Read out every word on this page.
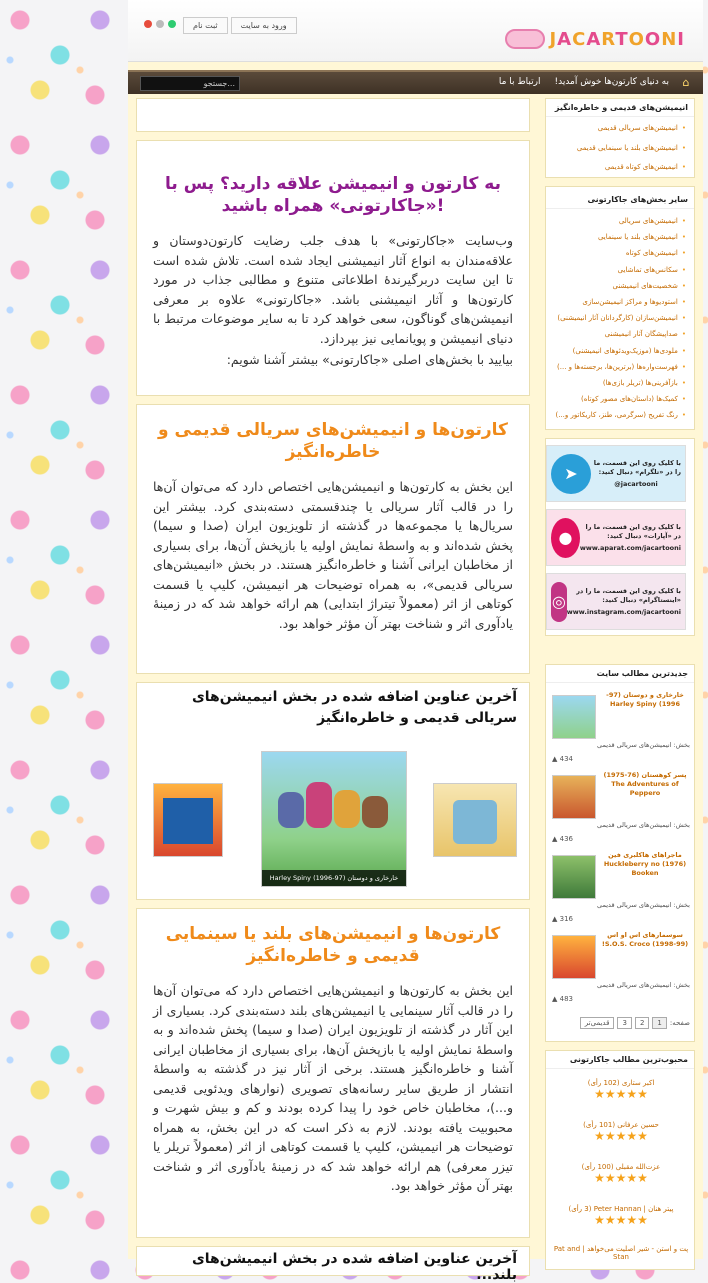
ثبت نام	ورود به سایت
JACARTOONI
⌂
به دنیای کارتون‌ها خوش آمدید!
ارتباط با ما
جستجو...
به کارتون و انیمیشن علاقه دارید؟ پس با «جاکارتونی» همراه باشید!
وب‌سایت «جاکارتونی» با هدف جلب رضایت کارتون‌دوستان و علاقه‌مندان به انواع آثار انیمیشنی ایجاد شده است. تلاش شده است تا این سایت دربرگیرندهٔ اطلاعاتی متنوع و مطالبی جذاب در مورد کارتون‌ها و آثار انیمیشنی باشد. «جاکارتونی» علاوه بر معرفی انیمیشن‌های گوناگون، سعی خواهد کرد تا به سایر موضوعات مرتبط با دنیای انیمیشن و پویانمایی نیز بپردازد.
بیایید با بخش‌های اصلی «جاکارتونی» بیشتر آشنا شویم:
کارتون‌ها و انیمیشن‌های سریالی قدیمی و خاطره‌انگیز
این بخش به کارتون‌ها و انیمیشن‌هایی اختصاص دارد که می‌توان آن‌ها را در قالب آثار سریالی یا چندقسمتی دسته‌بندی کرد. بیشتر این سریال‌ها یا مجموعه‌ها در گذشته از تلویزیون ایران (صدا و سیما) پخش شده‌اند و به واسطهٔ نمایش اولیه یا بازپخش آن‌ها، برای بسیاری از مخاطبان ایرانی آشنا و خاطره‌انگیز هستند. در بخش «انیمیشن‌های سریالی قدیمی»، به همراه توضیحات هر انیمیشن، کلیپ یا قسمت کوتاهی از اثر (معمولاً تیتراژ ابتدایی) هم ارائه خواهد شد که در زمینهٔ یادآوری اثر و شناخت بهتر آن مؤثر خواهد بود.
آخرین عناوین اضافه شده در بخش انیمیشن‌های سریالی قدیمی و خاطره‌انگیز
خارخاری و دوستان (97-1996) Harley Spiny
کارتون‌ها و انیمیشن‌های بلند یا سینمایی قدیمی و خاطره‌انگیز
این بخش به کارتون‌ها و انیمیشن‌هایی اختصاص دارد که می‌توان آن‌ها را در قالب آثار سینمایی یا انیمیشن‌های بلند دسته‌بندی کرد. بسیاری از این آثار در گذشته از تلویزیون ایران (صدا و سیما) پخش شده‌اند و به واسطهٔ نمایش اولیه یا بازپخش آن‌ها، برای بسیاری از مخاطبان ایرانی آشنا و خاطره‌انگیز هستند. برخی از آثار نیز در گذشته به واسطهٔ انتشار از طریق سایر رسانه‌های تصویری (نوارهای ویدئویی قدیمی و...)، مخاطبان خاص خود را پیدا کرده بودند و کم و بیش شهرت و محبوبیت یافته بودند. لازم به ذکر است که در این بخش، به همراه توضیحات هر انیمیشن، کلیپ یا قسمت کوتاهی از اثر (معمولاً تریلر یا تیزر معرفی) هم ارائه خواهد شد که در زمینهٔ یادآوری اثر و شناخت بهتر آن مؤثر خواهد بود.
آخرین عناوین اضافه شده در بخش انیمیشن‌های بلند...
انیمیشن‌های قدیمی و خاطره‌انگیز
• انیمیشن‌های سریالی قدیمی
• انیمیشن‌های بلند یا سینمایی قدیمی
• انیمیشن‌های کوتاه قدیمی
سایر بخش‌های جاکارتونی
• انیمیشن‌های سریالی
• انیمیشن‌های بلند یا سینمایی
• انیمیشن‌های کوتاه
• سکانس‌های تماشایی
• شخصیت‌های انیمیشنی
• استودیوها و مراکز انیمیشن‌سازی
• انیمیشن‌سازان (کارگردانان آثار انیمیشنی)
• صداپیشگان آثار انیمیشنی
• ملودی‌ها (موزیک‌ویدئوهای انیمیشنی)
• فهرست‌واره‌ها (برترین‌ها، برجسته‌ها و ...)
• بازآفرینی‌ها (تریلر بازی‌ها)
• کمیک‌ها (داستان‌های مصور کوتاه)
• رنگ تفریح (سرگرمی، طنز، کاریکاتور و...)
با کلیک روی این قسمت، ما را در «تلگرام» دنبال کنید:
@jacartooni
➤
با کلیک روی این قسمت، ما را در «آپارات» دنبال کنید:
www.aparat.com/jacartooni
●
با کلیک روی این قسمت، ما را در «اینستاگرام» دنبال کنید:
www.instagram.com/jacartooni
◎
جدیدترین مطالب سایت
خارخاری و دوستان (97-1996) Harley Spiny
بخش: انیمیشن‌های سریالی قدیمی
▲ 434
پسر کوهستان (76-1975) The Adventures of Peppero
بخش: انیمیشن‌های سریالی قدیمی
▲ 436
ماجراهای هاکلبری فین (1976) Huckleberry no Booken
بخش: انیمیشن‌های سریالی قدیمی
▲ 316
سوسمارهای اس او اس (99-1998) S.O.S. Croco!
بخش: انیمیشن‌های سریالی قدیمی
▲ 483
صفحه:
1
2
3
قدیمی‌تر
محبوب‌ترین مطالب جاکارتونی
اکبر ستاری (102 رأی)
★★★★★
حسین عرفانی (101 رأی)
★★★★★
عزت‌الله مقبلی (100 رأی)
★★★★★
پیتر هنان | Peter Hannan (3 رأی)
★★★★★
پت و استن - شیر اصلیت می‌خواهد | Pat and Stan
